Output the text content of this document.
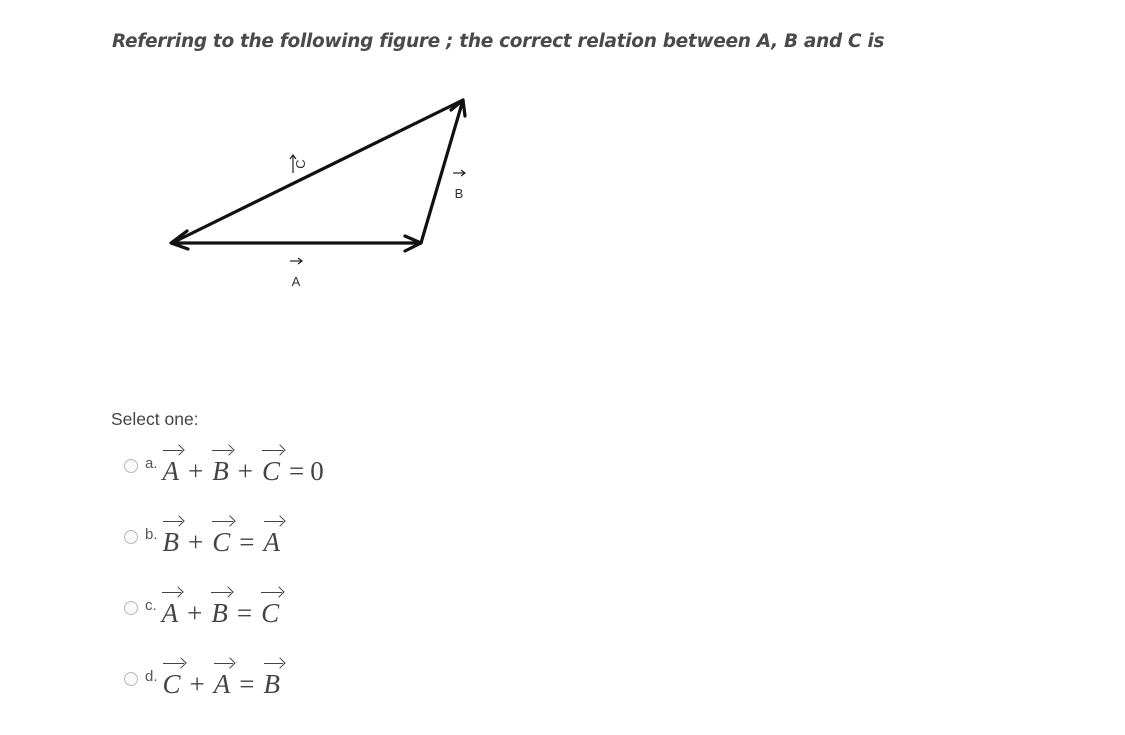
Referring to the following figure ; the correct relation between A, B and C is
C
B
A
Select one:
a. A + B + C = 0
b. B + C = A
c. A + B = C
d. C + A = B
